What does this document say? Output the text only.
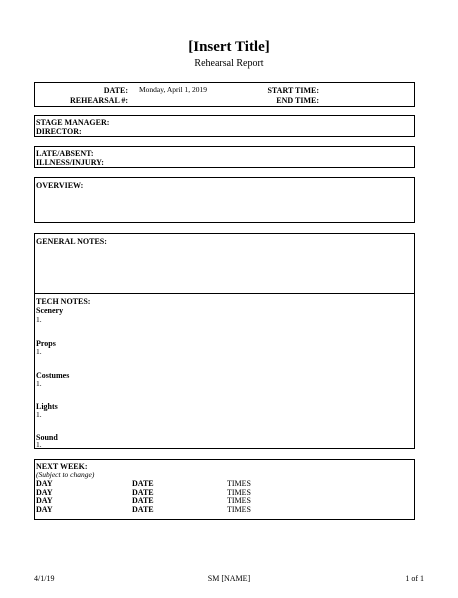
[Insert Title]
Rehearsal Report
DATE: Monday, April 1, 2019
REHEARSAL #:
START TIME:
END TIME:
STAGE MANAGER:
DIRECTOR:
LATE/ABSENT:
ILLNESS/INJURY:
OVERVIEW:
GENERAL NOTES:
TECH NOTES:
Scenery
1.
Props
1.
Costumes
1.
Lights
1.
Sound
1.
NEXT WEEK:
(Subject to change)
DAY	DATE	TIMES
DAY	DATE	TIMES
DAY	DATE	TIMES
DAY	DATE	TIMES
4/1/19	SM [NAME]	1 of 1
